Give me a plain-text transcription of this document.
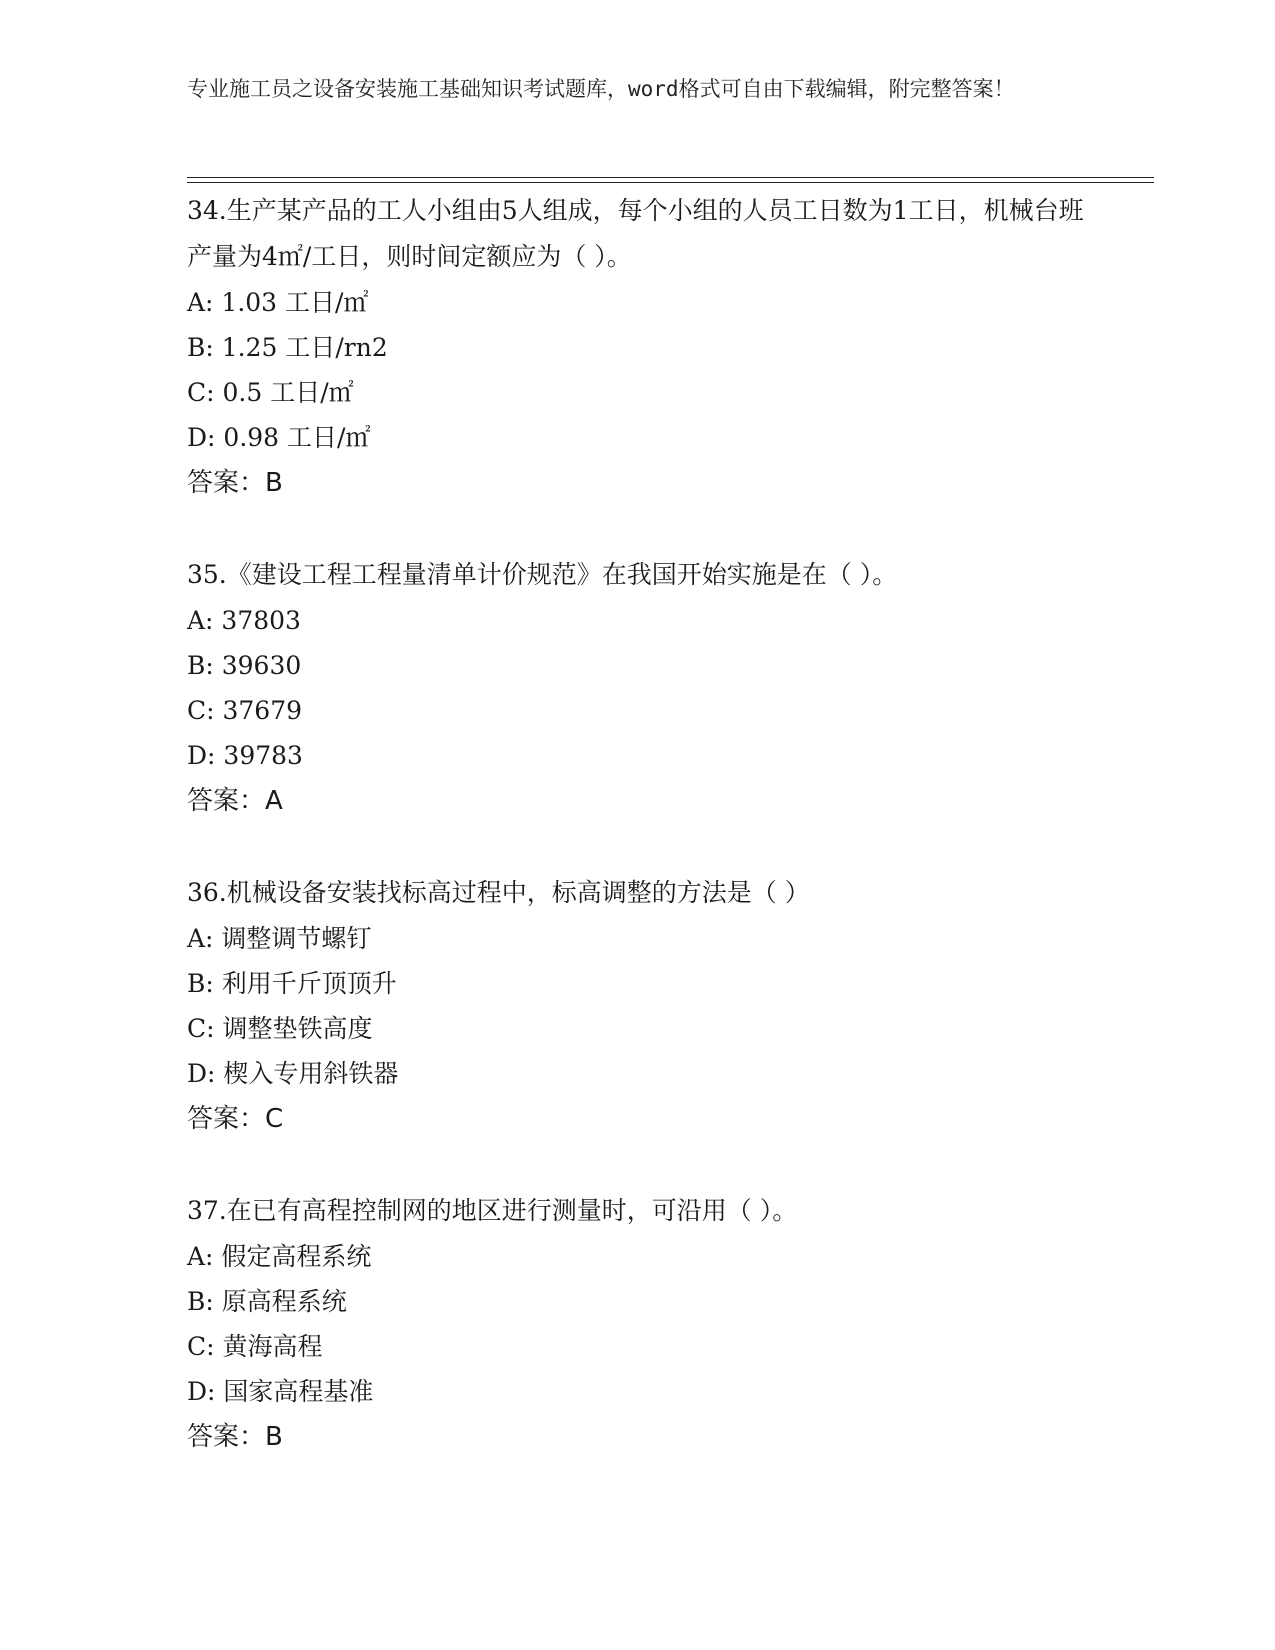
专业施工员之设备安装施工基础知识考试题库，word格式可自由下载编辑，附完整答案！
34.生产某产品的工人小组由5人组成，每个小组的人员工日数为1工日，机械台班产量为4㎡/工日，则时间定额应为（ ）。
A: 1.03 工日/㎡
B: 1.25 工日/rn2
C: 0.5 工日/㎡
D: 0.98 工日/㎡
答案：B
35.《建设工程工程量清单计价规范》在我国开始实施是在（ ）。
A: 37803
B: 39630
C: 37679
D: 39783
答案：A
36.机械设备安装找标高过程中，标高调整的方法是（ ）
A: 调整调节螺钉
B: 利用千斤顶顶升
C: 调整垫铁高度
D: 楔入专用斜铁器
答案：C
37.在已有高程控制网的地区进行测量时，可沿用（ ）。
A: 假定高程系统
B: 原高程系统
C: 黄海高程
D: 国家高程基准
答案：B
